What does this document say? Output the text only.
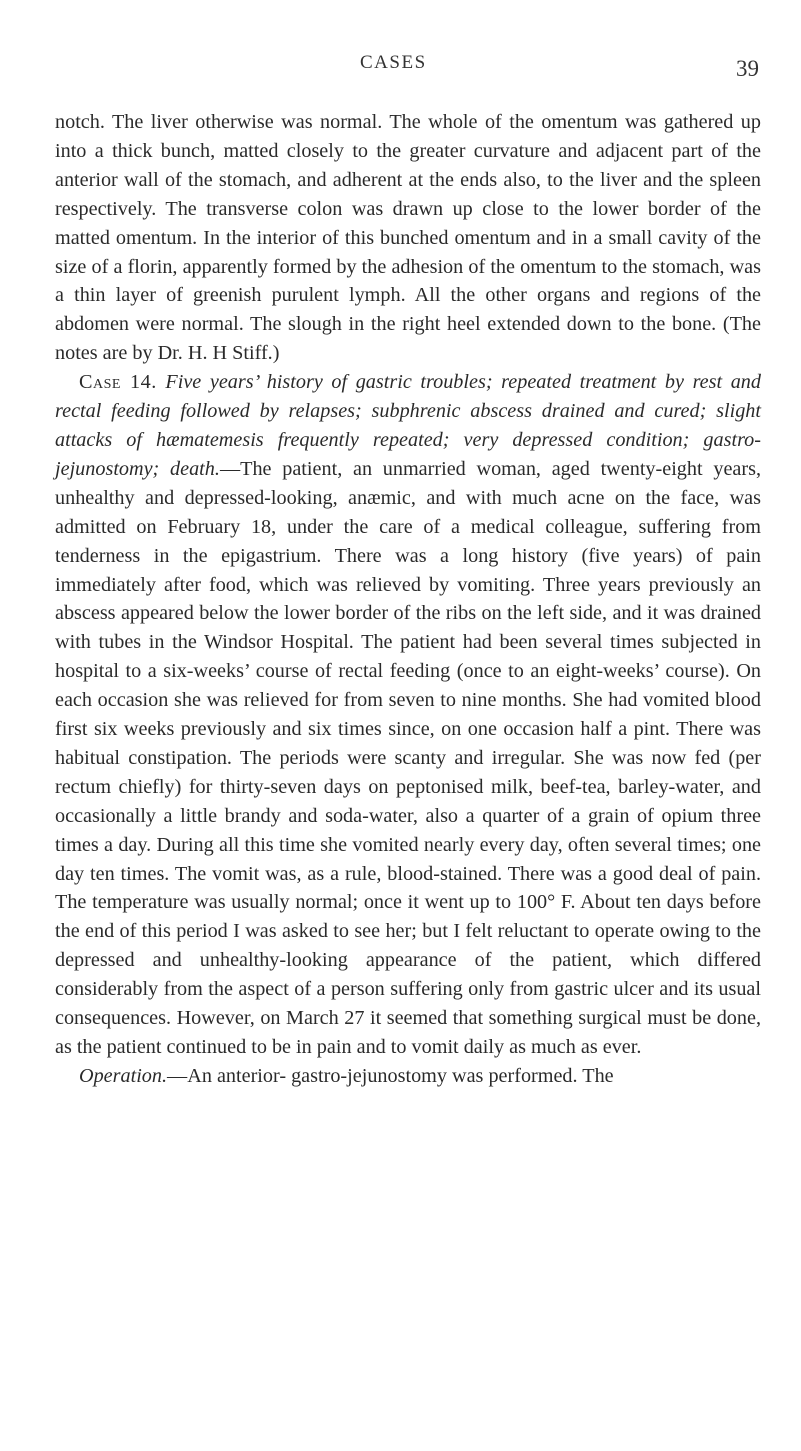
CASES	39

notch. The liver otherwise was normal. The whole of the omentum was gathered up into a thick bunch, matted closely to the greater curvature and adjacent part of the anterior wall of the stomach, and adherent at the ends also, to the liver and the spleen respectively. The transverse colon was drawn up close to the lower border of the matted omentum. In the interior of this bunched omentum and in a small cavity of the size of a florin, apparently formed by the adhesion of the omentum to the stomach, was a thin layer of greenish purulent lymph. All the other organs and regions of the abdomen were normal. The slough in the right heel extended down to the bone. (The notes are by Dr. H. H Stiff.)

Case 14. Five years’ history of gastric troubles; repeated treatment by rest and rectal feeding followed by relapses; subphrenic abscess drained and cured; slight attacks of hæmatemesis frequently repeated; very depressed condition; gastro-jejunostomy; death.—The patient, an unmarried woman, aged twenty-eight years, unhealthy and depressed-looking, anæmic, and with much acne on the face, was admitted on February 18, under the care of a medical colleague, suffering from tenderness in the epigastrium. There was a long history (five years) of pain immediately after food, which was relieved by vomiting. Three years previously an abscess appeared below the lower border of the ribs on the left side, and it was drained with tubes in the Windsor Hospital. The patient had been several times subjected in hospital to a six-weeks’ course of rectal feeding (once to an eight-weeks’ course). On each occasion she was relieved for from seven to nine months. She had vomited blood first six weeks previously and six times since, on one occasion half a pint. There was habitual constipation. The periods were scanty and irregular. She was now fed (per rectum chiefly) for thirty-seven days on peptonised milk, beef-tea, barley-water, and occasionally a little brandy and soda-water, also a quarter of a grain of opium three times a day. During all this time she vomited nearly every day, often several times; one day ten times. The vomit was, as a rule, blood-stained. There was a good deal of pain. The temperature was usually normal; once it went up to 100° F. About ten days before the end of this period I was asked to see her; but I felt reluctant to operate owing to the depressed and unhealthy-looking appearance of the patient, which differed considerably from the aspect of a person suffering only from gastric ulcer and its usual consequences. However, on March 27 it seemed that something surgical must be done, as the patient continued to be in pain and to vomit daily as much as ever.

Operation.—An anterior- gastro-jejunostomy was performed. The
